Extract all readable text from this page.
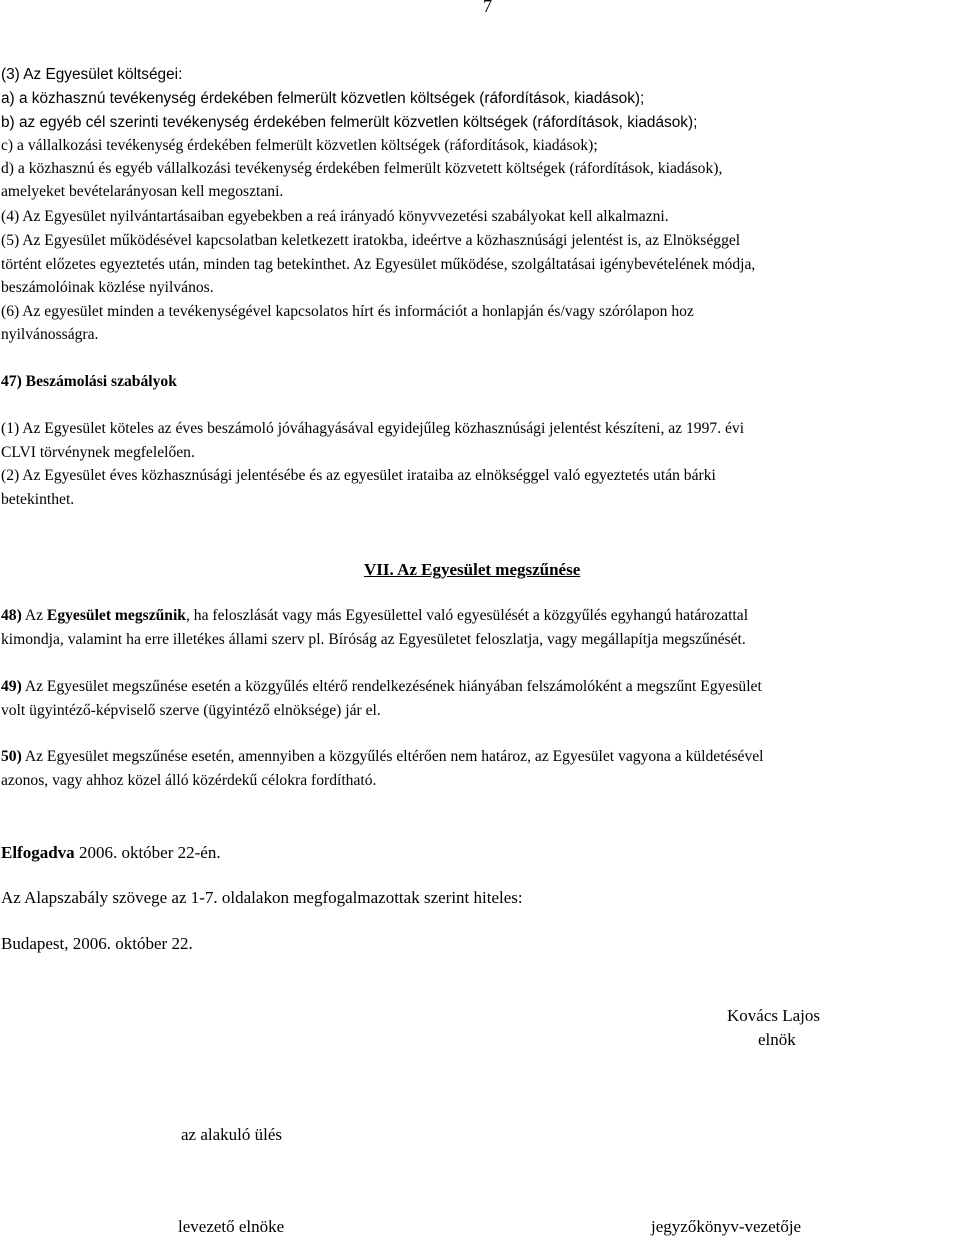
7
(3) Az Egyesület költségei:
a) a közhasznú tevékenység érdekében felmerült közvetlen költségek (ráfordítások, kiadások);
b) az egyéb cél szerinti tevékenység érdekében felmerült közvetlen költségek (ráfordítások, kiadások);
c) a vállalkozási tevékenység érdekében felmerült közvetlen költségek (ráfordítások, kiadások);
d) a közhasznú és egyéb vállalkozási tevékenység érdekében felmerült közvetett költségek (ráfordítások, kiadások),
amelyeket bevételarányosan kell megosztani.
(4) Az Egyesület nyilvántartásaiban egyebekben a reá irányadó könyvvezetési szabályokat kell alkalmazni.
(5) Az Egyesület működésével kapcsolatban keletkezett iratokba, ideértve a közhasznúsági jelentést is, az Elnökséggel
történt előzetes egyeztetés után, minden tag betekinthet. Az Egyesület működése, szolgáltatásai igénybevételének módja,
beszámolóinak közlése nyilvános.
(6) Az egyesület minden a tevékenységével kapcsolatos hírt és információt a honlapján és/vagy szórólapon hoz
nyilvánosságra.
47) Beszámolási szabályok
(1) Az Egyesület köteles az éves beszámoló jóváhagyásával egyidejűleg közhasznúsági jelentést készíteni, az 1997. évi
CLVI törvénynek megfelelően.
(2) Az Egyesület éves közhasznúsági jelentésébe és az egyesület irataiba az elnökséggel való egyeztetés után bárki
betekinthet.
VII. Az Egyesület megszűnése
48) Az Egyesület megszűnik, ha feloszlását vagy más Egyesülettel való egyesülését a közgyűlés egyhangú határozattal
kimondja, valamint ha erre illetékes állami szerv pl. Bíróság az Egyesületet feloszlatja, vagy megállapítja megszűnését.
49) Az Egyesület megszűnése esetén a közgyűlés eltérő rendelkezésének hiányában felszámolóként a megszűnt Egyesület
volt ügyintéző-képviselő szerve (ügyintéző elnöksége) jár el.
50) Az Egyesület megszűnése esetén, amennyiben a közgyűlés eltérően nem határoz, az Egyesület vagyona a küldetésével
azonos, vagy ahhoz közel álló közérdekű célokra fordítható.
Elfogadva 2006. október 22-én.
Az Alapszabály szövege az 1-7. oldalakon megfogalmazottak szerint hiteles:
Budapest, 2006. október 22.
Kovács Lajos
elnök
az alakuló ülés
levezető elnöke	jegyzőkönyv-vezetője
